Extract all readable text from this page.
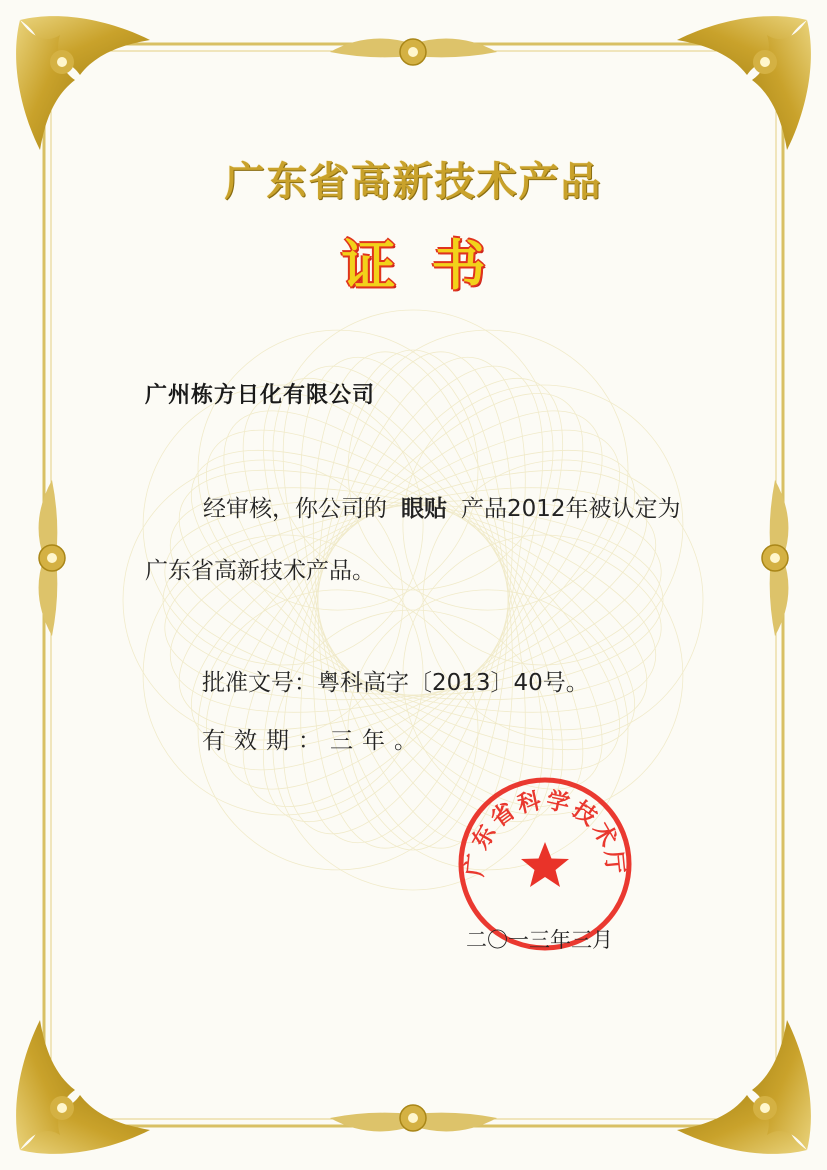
广东省高新技术产品
证书
广州栋方日化有限公司
经审核，你公司的 眼贴 产品2012年被认定为广东省高新技术产品。
批准文号：粤科高字〔2013〕40号。
有效期：三年。
广东省科学技术厅
二〇一三年三月
